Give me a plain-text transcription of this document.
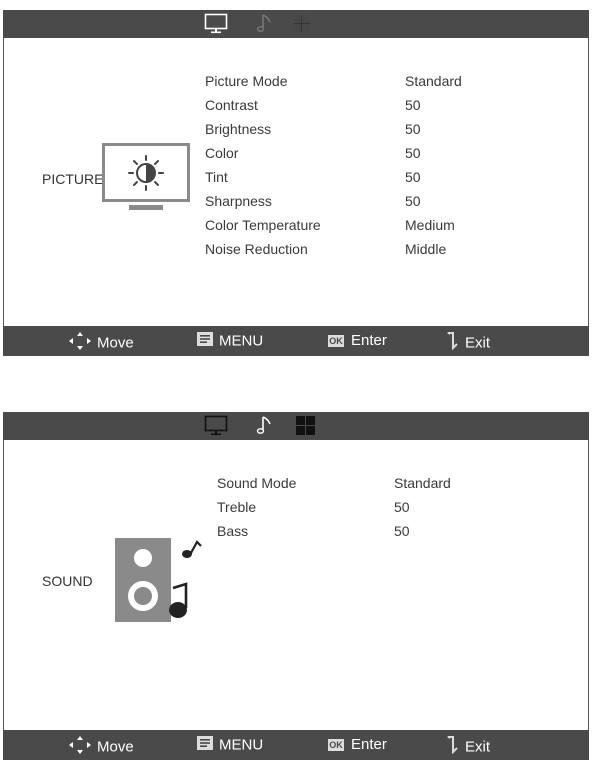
PICTURE
Picture Mode	Standard
Contrast	50
Brightness	50
Color	50
Tint	50
Sharpness	50
Color Temperature	Medium
Noise Reduction	Middle
Move	MENU	OK Enter	Exit
SOUND
Sound Mode	Standard
Treble	50
Bass	50
Move	MENU	OK Enter	Exit
